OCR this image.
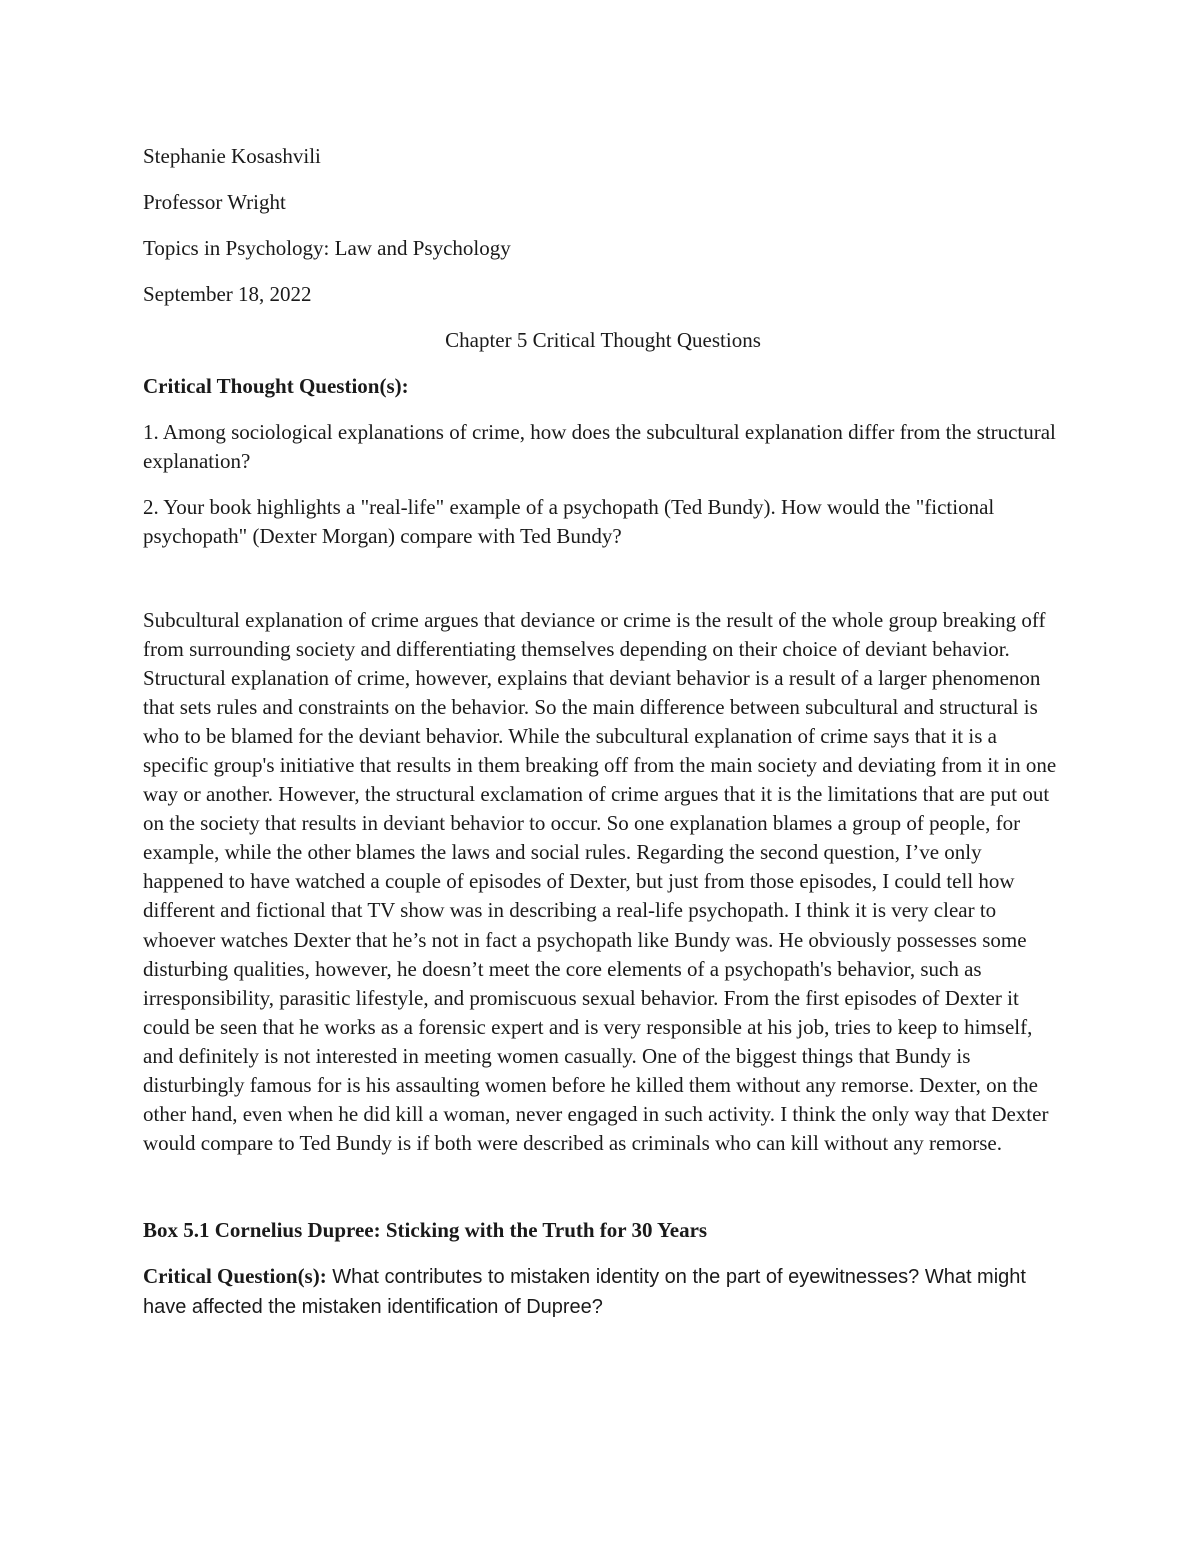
Stephanie Kosashvili

Professor Wright

Topics in Psychology: Law and Psychology

September 18, 2022

Chapter 5 Critical Thought Questions

Critical Thought Question(s):

1. Among sociological explanations of crime, how does the subcultural explanation differ from the structural explanation?

2. Your book highlights a "real-life" example of a psychopath (Ted Bundy). How would the "fictional psychopath" (Dexter Morgan) compare with Ted Bundy?

Subcultural explanation of crime argues that deviance or crime is the result of the whole group breaking off from surrounding society and differentiating themselves depending on their choice of deviant behavior. Structural explanation of crime, however, explains that deviant behavior is a result of a larger phenomenon that sets rules and constraints on the behavior. So the main difference between subcultural and structural is who to be blamed for the deviant behavior. While the subcultural explanation of crime says that it is a specific group's initiative that results in them breaking off from the main society and deviating from it in one way or another. However, the structural exclamation of crime argues that it is the limitations that are put out on the society that results in deviant behavior to occur. So one explanation blames a group of people, for example, while the other blames the laws and social rules. Regarding the second question, I’ve only happened to have watched a couple of episodes of Dexter, but just from those episodes, I could tell how different and fictional that TV show was in describing a real-life psychopath. I think it is very clear to whoever watches Dexter that he’s not in fact a psychopath like Bundy was. He obviously possesses some disturbing qualities, however, he doesn’t meet the core elements of a psychopath's behavior, such as irresponsibility, parasitic lifestyle, and promiscuous sexual behavior. From the first episodes of Dexter it could be seen that he works as a forensic expert and is very responsible at his job, tries to keep to himself, and definitely is not interested in meeting women casually. One of the biggest things that Bundy is disturbingly famous for is his assaulting women before he killed them without any remorse. Dexter, on the other hand, even when he did kill a woman, never engaged in such activity. I think the only way that Dexter would compare to Ted Bundy is if both were described as criminals who can kill without any remorse.

Box 5.1 Cornelius Dupree: Sticking with the Truth for 30 Years

Critical Question(s): What contributes to mistaken identity on the part of eyewitnesses? What might have affected the mistaken identification of Dupree?
